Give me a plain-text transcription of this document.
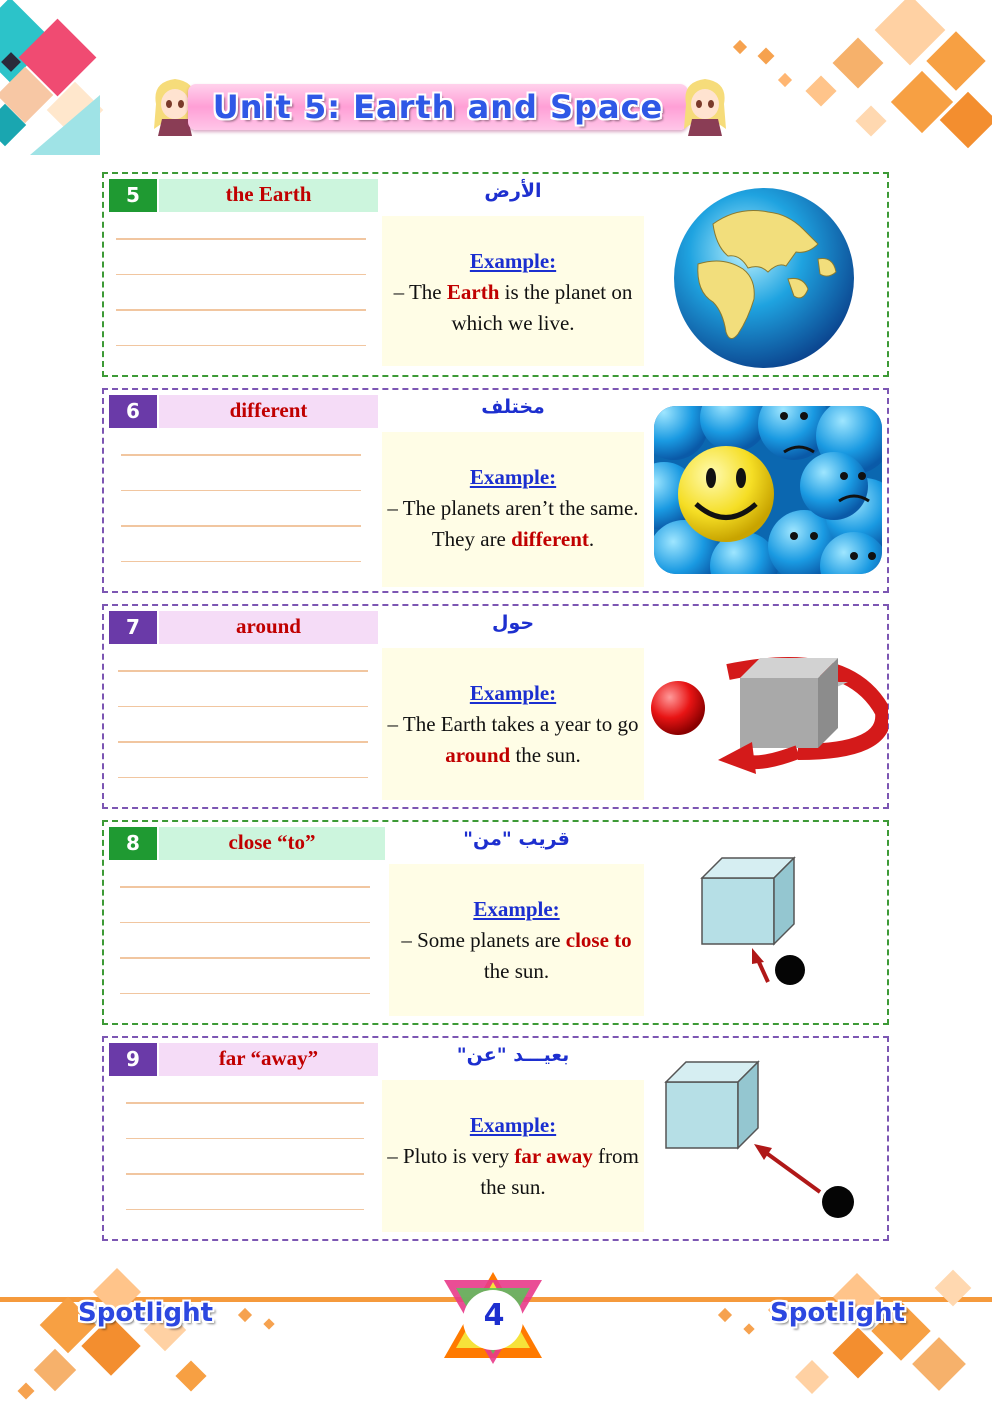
Unit 5: Earth and Space
5	the Earth	الأرض
Example:
– The Earth is the planet on which we live.
6	different	مختلف
Example:
– The planets aren’t the same. They are different.
7	around	حول
Example:
– The Earth takes a year to go around the sun.
8	close “to”	قريب "من"
Example:
– Some planets are close to the sun.
9	far “away”	بعيـــد "عن"
Example:
– Pluto is very far away from the sun.
Spotlight	4	Spotlight
